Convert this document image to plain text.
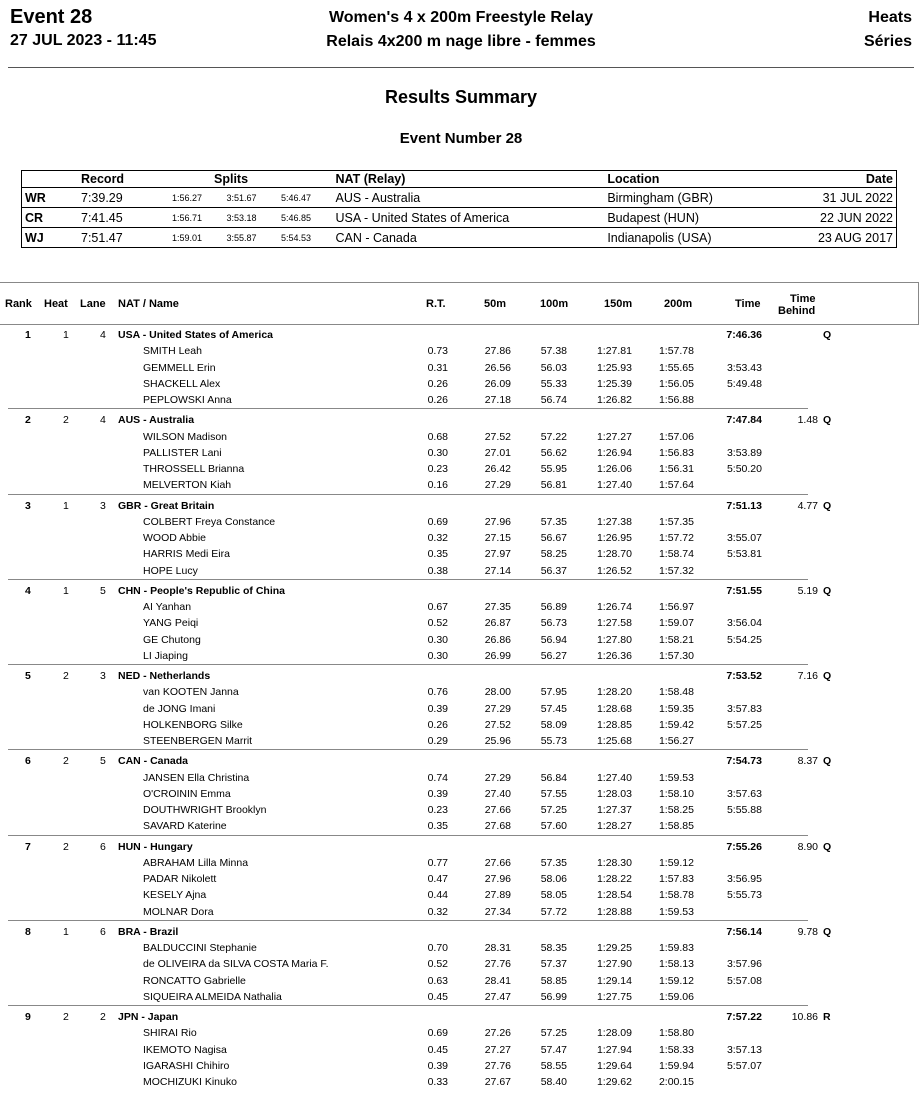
Event 28
27 JUL 2023 - 11:45
Women's 4 x 200m Freestyle Relay
Relais 4x200 m nage libre - femmes
Heats
Séries
Results Summary
Event Number 28
	Record	Splits			NAT (Relay)	Location	Date
WR	7:39.29	1:56.27	3:51.67	5:46.47	AUS - Australia	Birmingham (GBR)	31 JUL 2022
CR	7:41.45	1:56.71	3:53.18	5:46.85	USA - United States of America	Budapest (HUN)	22 JUN 2022
WJ	7:51.47	1:59.01	3:55.87	5:54.53	CAN - Canada	Indianapolis (USA)	23 AUG 2017
Rank Heat Lane NAT / Name	R.T.	50m	100m	150m	200m	Time	Time
Behind
1	1	4 USA - United States of America	7:46.36	Q
SMITH Leah	0.73	27.86	57.38	1:27.81	1:57.78
GEMMELL Erin	0.31	26.56	56.03	1:25.93	1:55.65	3:53.43
SHACKELL Alex	0.26	26.09	55.33	1:25.39	1:56.05	5:49.48
PEPLOWSKI Anna	0.26	27.18	56.74	1:26.82	1:56.88
2	2	4 AUS - Australia	7:47.84	1.48 Q
WILSON Madison	0.68	27.52	57.22	1:27.27	1:57.06
PALLISTER Lani	0.30	27.01	56.62	1:26.94	1:56.83	3:53.89
THROSSELL Brianna	0.23	26.42	55.95	1:26.06	1:56.31	5:50.20
MELVERTON Kiah	0.16	27.29	56.81	1:27.40	1:57.64
3	1	3 GBR - Great Britain	7:51.13	4.77 Q
COLBERT Freya Constance	0.69	27.96	57.35	1:27.38	1:57.35
WOOD Abbie	0.32	27.15	56.67	1:26.95	1:57.72	3:55.07
HARRIS Medi Eira	0.35	27.97	58.25	1:28.70	1:58.74	5:53.81
HOPE Lucy	0.38	27.14	56.37	1:26.52	1:57.32
4	1	5 CHN - People's Republic of China	7:51.55	5.19 Q
AI Yanhan	0.67	27.35	56.89	1:26.74	1:56.97
YANG Peiqi	0.52	26.87	56.73	1:27.58	1:59.07	3:56.04
GE Chutong	0.30	26.86	56.94	1:27.80	1:58.21	5:54.25
LI Jiaping	0.30	26.99	56.27	1:26.36	1:57.30
5	2	3 NED - Netherlands	7:53.52	7.16 Q
van KOOTEN Janna	0.76	28.00	57.95	1:28.20	1:58.48
de JONG Imani	0.39	27.29	57.45	1:28.68	1:59.35	3:57.83
HOLKENBORG Silke	0.26	27.52	58.09	1:28.85	1:59.42	5:57.25
STEENBERGEN Marrit	0.29	25.96	55.73	1:25.68	1:56.27
6	2	5 CAN - Canada	7:54.73	8.37 Q
JANSEN Ella Christina	0.74	27.29	56.84	1:27.40	1:59.53
O'CROININ Emma	0.39	27.40	57.55	1:28.03	1:58.10	3:57.63
DOUTHWRIGHT Brooklyn	0.23	27.66	57.25	1:27.37	1:58.25	5:55.88
SAVARD Katerine	0.35	27.68	57.60	1:28.27	1:58.85
7	2	6 HUN - Hungary	7:55.26	8.90 Q
ABRAHAM Lilla Minna	0.77	27.66	57.35	1:28.30	1:59.12
PADAR Nikolett	0.47	27.96	58.06	1:28.22	1:57.83	3:56.95
KESELY Ajna	0.44	27.89	58.05	1:28.54	1:58.78	5:55.73
MOLNAR Dora	0.32	27.34	57.72	1:28.88	1:59.53
8	1	6 BRA - Brazil	7:56.14	9.78 Q
BALDUCCINI Stephanie	0.70	28.31	58.35	1:29.25	1:59.83
de OLIVEIRA da SILVA COSTA Maria F.	0.52	27.76	57.37	1:27.90	1:58.13	3:57.96
RONCATTO Gabrielle	0.63	28.41	58.85	1:29.14	1:59.12	5:57.08
SIQUEIRA ALMEIDA Nathalia	0.45	27.47	56.99	1:27.75	1:59.06
9	2	2 JPN - Japan	7:57.22	10.86 R
SHIRAI Rio	0.69	27.26	57.25	1:28.09	1:58.80
IKEMOTO Nagisa	0.45	27.27	57.47	1:27.94	1:58.33	3:57.13
IGARASHI Chihiro	0.39	27.76	58.55	1:29.64	1:59.94	5:57.07
MOCHIZUKI Kinuko	0.33	27.67	58.40	1:29.62	2:00.15
